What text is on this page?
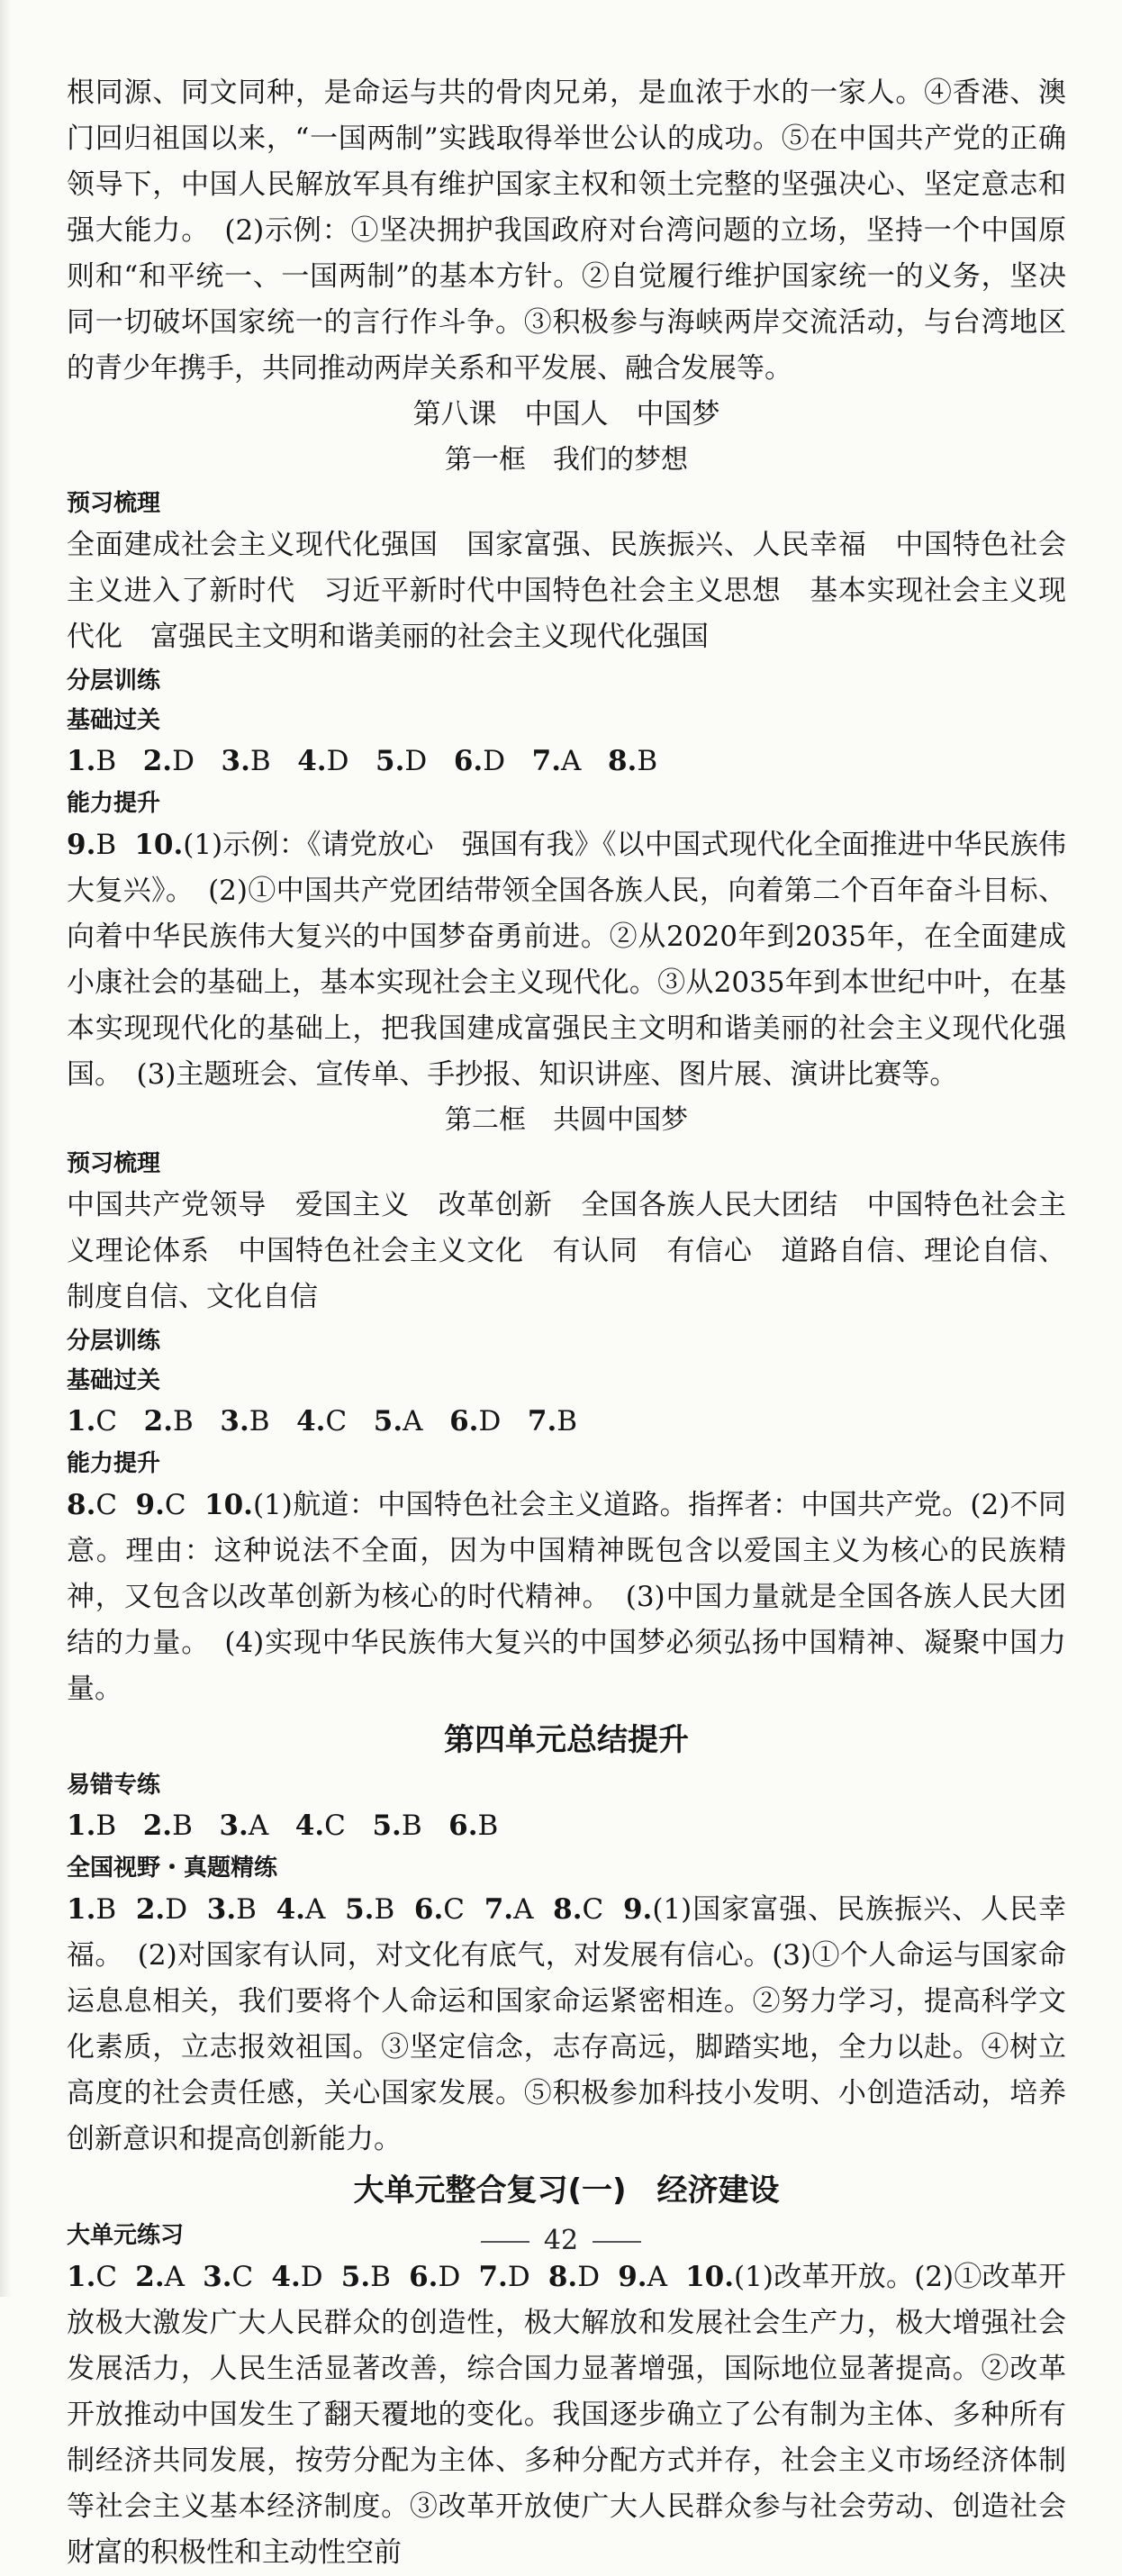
根同源、同文同种，是命运与共的骨肉兄弟，是血浓于水的一家人。④香港、澳门回归祖国以来，“一国两制”实践取得举世公认的成功。⑤在中国共产党的正确领导下，中国人民解放军具有维护国家主权和领土完整的坚强决心、坚定意志和强大能力。　(2)示例：①坚决拥护我国政府对台湾问题的立场，坚持一个中国原则和“和平统一、一国两制”的基本方针。②自觉履行维护国家统一的义务，坚决同一切破坏国家统一的言行作斗争。③积极参与海峡两岸交流活动，与台湾地区的青少年携手，共同推动两岸关系和平发展、融合发展等。

第八课　中国人　中国梦

第一框　我们的梦想

预习梳理

全面建成社会主义现代化强国　国家富强、民族振兴、人民幸福　中国特色社会主义进入了新时代　习近平新时代中国特色社会主义思想　基本实现社会主义现代化　富强民主文明和谐美丽的社会主义现代化强国

分层训练
基础过关

1.B 2.D 3.B 4.D 5.D 6.D 7.A 8.B

能力提升

9.B 10.(1)示例：《请党放心　强国有我》《以中国式现代化全面推进中华民族伟大复兴》。　(2)①中国共产党团结带领全国各族人民，向着第二个百年奋斗目标、向着中华民族伟大复兴的中国梦奋勇前进。②从2020年到2035年，在全面建成小康社会的基础上，基本实现社会主义现代化。③从2035年到本世纪中叶，在基本实现现代化的基础上，把我国建成富强民主文明和谐美丽的社会主义现代化强国。　(3)主题班会、宣传单、手抄报、知识讲座、图片展、演讲比赛等。

第二框　共圆中国梦

预习梳理

中国共产党领导　爱国主义　改革创新　全国各族人民大团结　中国特色社会主义理论体系　中国特色社会主义文化　有认同　有信心　道路自信、理论自信、制度自信、文化自信

分层训练
基础过关

1.C 2.B 3.B 4.C 5.A 6.D 7.B

能力提升

8.C 9.C 10.(1)航道：中国特色社会主义道路。指挥者：中国共产党。(2)不同意。理由：这种说法不全面，因为中国精神既包含以爱国主义为核心的民族精神，又包含以改革创新为核心的时代精神。　(3)中国力量就是全国各族人民大团结的力量。　(4)实现中华民族伟大复兴的中国梦必须弘扬中国精神、凝聚中国力量。

第四单元总结提升
易错专练

1.B 2.B 3.A 4.C 5.B 6.B

全国视野・真题精练

1.B 2.D 3.B 4.A 5.B 6.C 7.A 8.C 9.(1)国家富强、民族振兴、人民幸福。　(2)对国家有认同，对文化有底气，对发展有信心。(3)①个人命运与国家命运息息相关，我们要将个人命运和国家命运紧密相连。②努力学习，提高科学文化素质，立志报效祖国。③坚定信念，志存高远，脚踏实地，全力以赴。④树立高度的社会责任感，关心国家发展。⑤积极参加科技小发明、小创造活动，培养创新意识和提高创新能力。

大单元整合复习(一)　经济建设
大单元练习

1.C 2.A 3.C 4.D 5.B 6.D 7.D 8.D 9.A 10.(1)改革开放。(2)①改革开放极大激发广大人民群众的创造性，极大解放和发展社会生产力，极大增强社会发展活力，人民生活显著改善，综合国力显著增强，国际地位显著提高。②改革开放推动中国发生了翻天覆地的变化。我国逐步确立了公有制为主体、多种所有制经济共同发展，按劳分配为主体、多种分配方式并存，社会主义市场经济体制等社会主义基本经济制度。③改革开放使广大人民群众参与社会劳动、创造社会财富的积极性和主动性空前

42
